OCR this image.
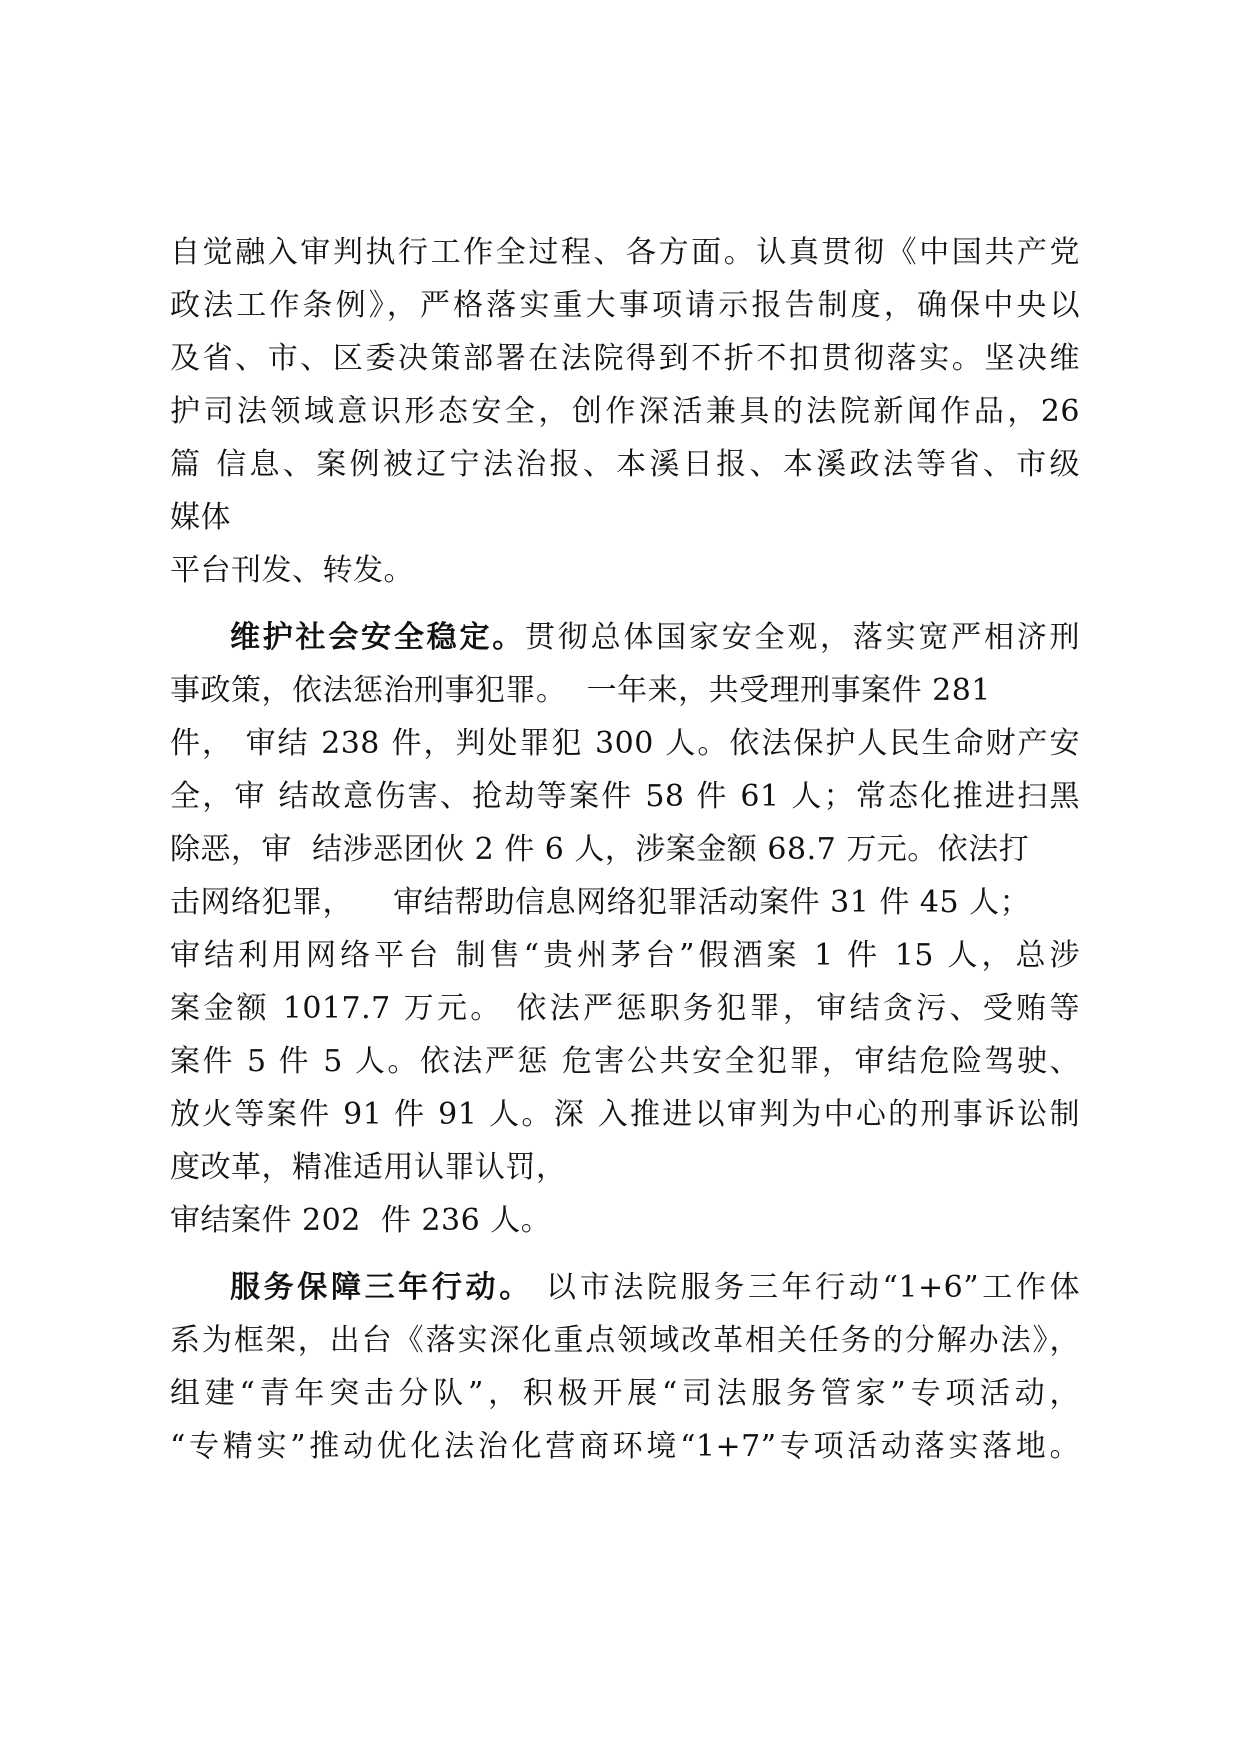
自觉融入审判执行工作全过程、各方面。认真贯彻《中国共产党
政法工作条例》，严格落实重大事项请示报告制度，确保中央以
及省、市、区委决策部署在法院得到不折不扣贯彻落实。坚决维
护司法领域意识形态安全，创作深活兼具的法院新闻作品，26
篇 信息、案例被辽宁法治报、本溪日报、本溪政法等省、市级
媒体
平台刊发、转发。
维护社会安全稳定。贯彻总体国家安全观，落实宽严相济刑
事政策，依法惩治刑事犯罪。  一年来，共受理刑事案件 281
件， 审结 238 件，判处罪犯 300 人。依法保护人民生命财产安
全，审 结故意伤害、抢劫等案件 58 件 61 人；常态化推进扫黑
除恶，审  结涉恶团伙 2 件 6 人，涉案金额 68.7 万元。依法打
击网络犯罪，    审结帮助信息网络犯罪活动案件 31 件 45 人；
审结利用网络平台 制售“贵州茅台”假酒案 1 件 15 人，总涉
案金额 1017.7 万元。 依法严惩职务犯罪，审结贪污、受贿等
案件 5 件 5 人。依法严惩 危害公共安全犯罪，审结危险驾驶、
放火等案件 91 件 91 人。深 入推进以审判为中心的刑事诉讼制
度改革，精准适用认罪认罚，
审结案件 202  件 236 人。
服务保障三年行动。 以市法院服务三年行动“1+6”工作体
系为框架，出台《落实深化重点领域改革相关任务的分解办法》，
组建“青年突击分队”，积极开展“司法服务管家”专项活动，
“专精实”推动优化法治化营商环境“1+7”专项活动落实落地。
